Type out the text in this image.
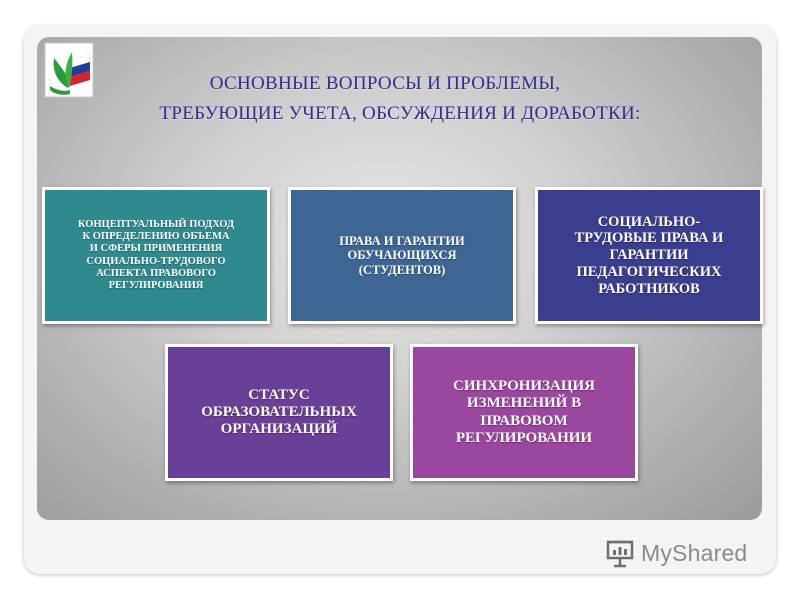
ОСНОВНЫЕ ВОПРОСЫ И ПРОБЛЕМЫ,
ТРЕБУЮЩИЕ УЧЕТА, ОБСУЖДЕНИЯ И ДОРАБОТКИ:
КОНЦЕПТУАЛЬНЫЙ ПОДХОД
К ОПРЕДЕЛЕНИЮ ОБЪЕМА
И СФЕРЫ ПРИМЕНЕНИЯ
СОЦИАЛЬНО-ТРУДОВОГО
АСПЕКТА ПРАВОВОГО
РЕГУЛИРОВАНИЯ
ПРАВА И ГАРАНТИИ
ОБУЧАЮЩИХСЯ
(СТУДЕНТОВ)
СОЦИАЛЬНО-
ТРУДОВЫЕ ПРАВА И
ГАРАНТИИ
ПЕДАГОГИЧЕСКИХ
РАБОТНИКОВ
СТАТУС
ОБРАЗОВАТЕЛЬНЫХ
ОРГАНИЗАЦИЙ
СИНХРОНИЗАЦИЯ
ИЗМЕНЕНИЙ В
ПРАВОВОМ
РЕГУЛИРОВАНИИ
MyShared
